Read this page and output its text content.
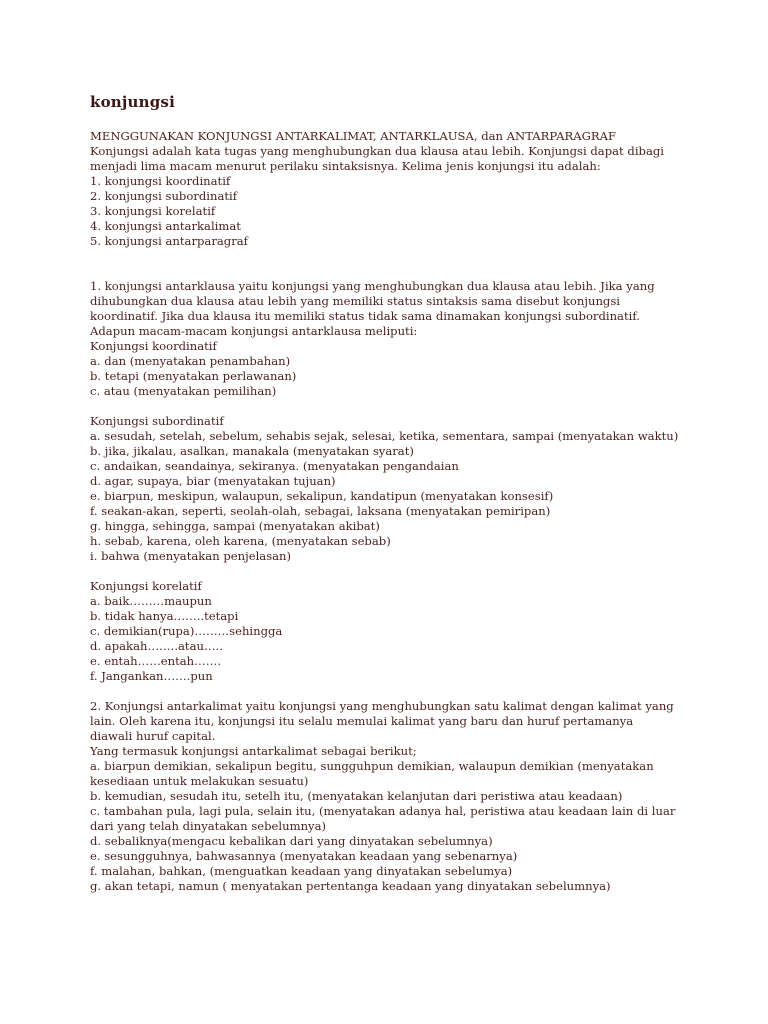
konjungsi
MENGGUNAKAN KONJUNGSI ANTARKALIMAT, ANTARKLAUSA, dan ANTARPARAGRAF
Konjungsi adalah kata tugas yang menghubungkan dua klausa atau lebih. Konjungsi dapat dibagi
menjadi lima macam menurut perilaku sintaksisnya. Kelima jenis konjungsi itu adalah:
1. konjungsi koordinatif
2. konjungsi subordinatif
3. konjungsi korelatif
4. konjungsi antarkalimat
5. konjungsi antarparagraf
1. konjungsi antarklausa yaitu konjungsi yang menghubungkan dua klausa atau lebih. Jika yang
dihubungkan dua klausa atau lebih yang memiliki status sintaksis sama disebut konjungsi
koordinatif. Jika dua klausa itu memiliki status tidak sama dinamakan konjungsi subordinatif.
Adapun macam-macam konjungsi antarklausa meliputi:
Konjungsi koordinatif
a. dan (menyatakan penambahan)
b. tetapi (menyatakan perlawanan)
c. atau (menyatakan pemilihan)
Konjungsi subordinatif
a. sesudah, setelah, sebelum, sehabis sejak, selesai, ketika, sementara, sampai (menyatakan waktu)
b. jika, jikalau, asalkan, manakala (menyatakan syarat)
c. andaikan, seandainya, sekiranya. (menyatakan pengandaian
d. agar, supaya, biar (menyatakan tujuan)
e. biarpun, meskipun, walaupun, sekalipun, kandatipun (menyatakan konsesif)
f. seakan-akan, seperti, seolah-olah, sebagai, laksana (menyatakan pemiripan)
g. hingga, sehingga, sampai (menyatakan akibat)
h. sebab, karena, oleh karena, (menyatakan sebab)
i. bahwa (menyatakan penjelasan)
Konjungsi korelatif
a. baik………maupun
b. tidak hanya……..tetapi
c. demikian(rupa)………sehingga
d. apakah……..atau…..
e. entah……entah…….
f. Jangankan…….pun
2. Konjungsi antarkalimat yaitu konjungsi yang menghubungkan satu kalimat dengan kalimat yang
lain. Oleh karena itu, konjungsi itu selalu memulai kalimat yang baru dan huruf pertamanya
diawali huruf capital.
Yang termasuk konjungsi antarkalimat sebagai berikut;
a. biarpun demikian, sekalipun begitu, sungguhpun demikian, walaupun demikian (menyatakan
kesediaan untuk melakukan sesuatu)
b. kemudian, sesudah itu, setelh itu, (menyatakan kelanjutan dari peristiwa atau keadaan)
c. tambahan pula, lagi pula, selain itu, (menyatakan adanya hal, peristiwa atau keadaan lain di luar
dari yang telah dinyatakan sebelumnya)
d. sebaliknya(mengacu kebalikan dari yang dinyatakan sebelumnya)
e. sesungguhnya, bahwasannya (menyatakan keadaan yang sebenarnya)
f. malahan, bahkan, (menguatkan keadaan yang dinyatakan sebelumya)
g. akan tetapi, namun ( menyatakan pertentanga keadaan yang dinyatakan sebelumnya)
